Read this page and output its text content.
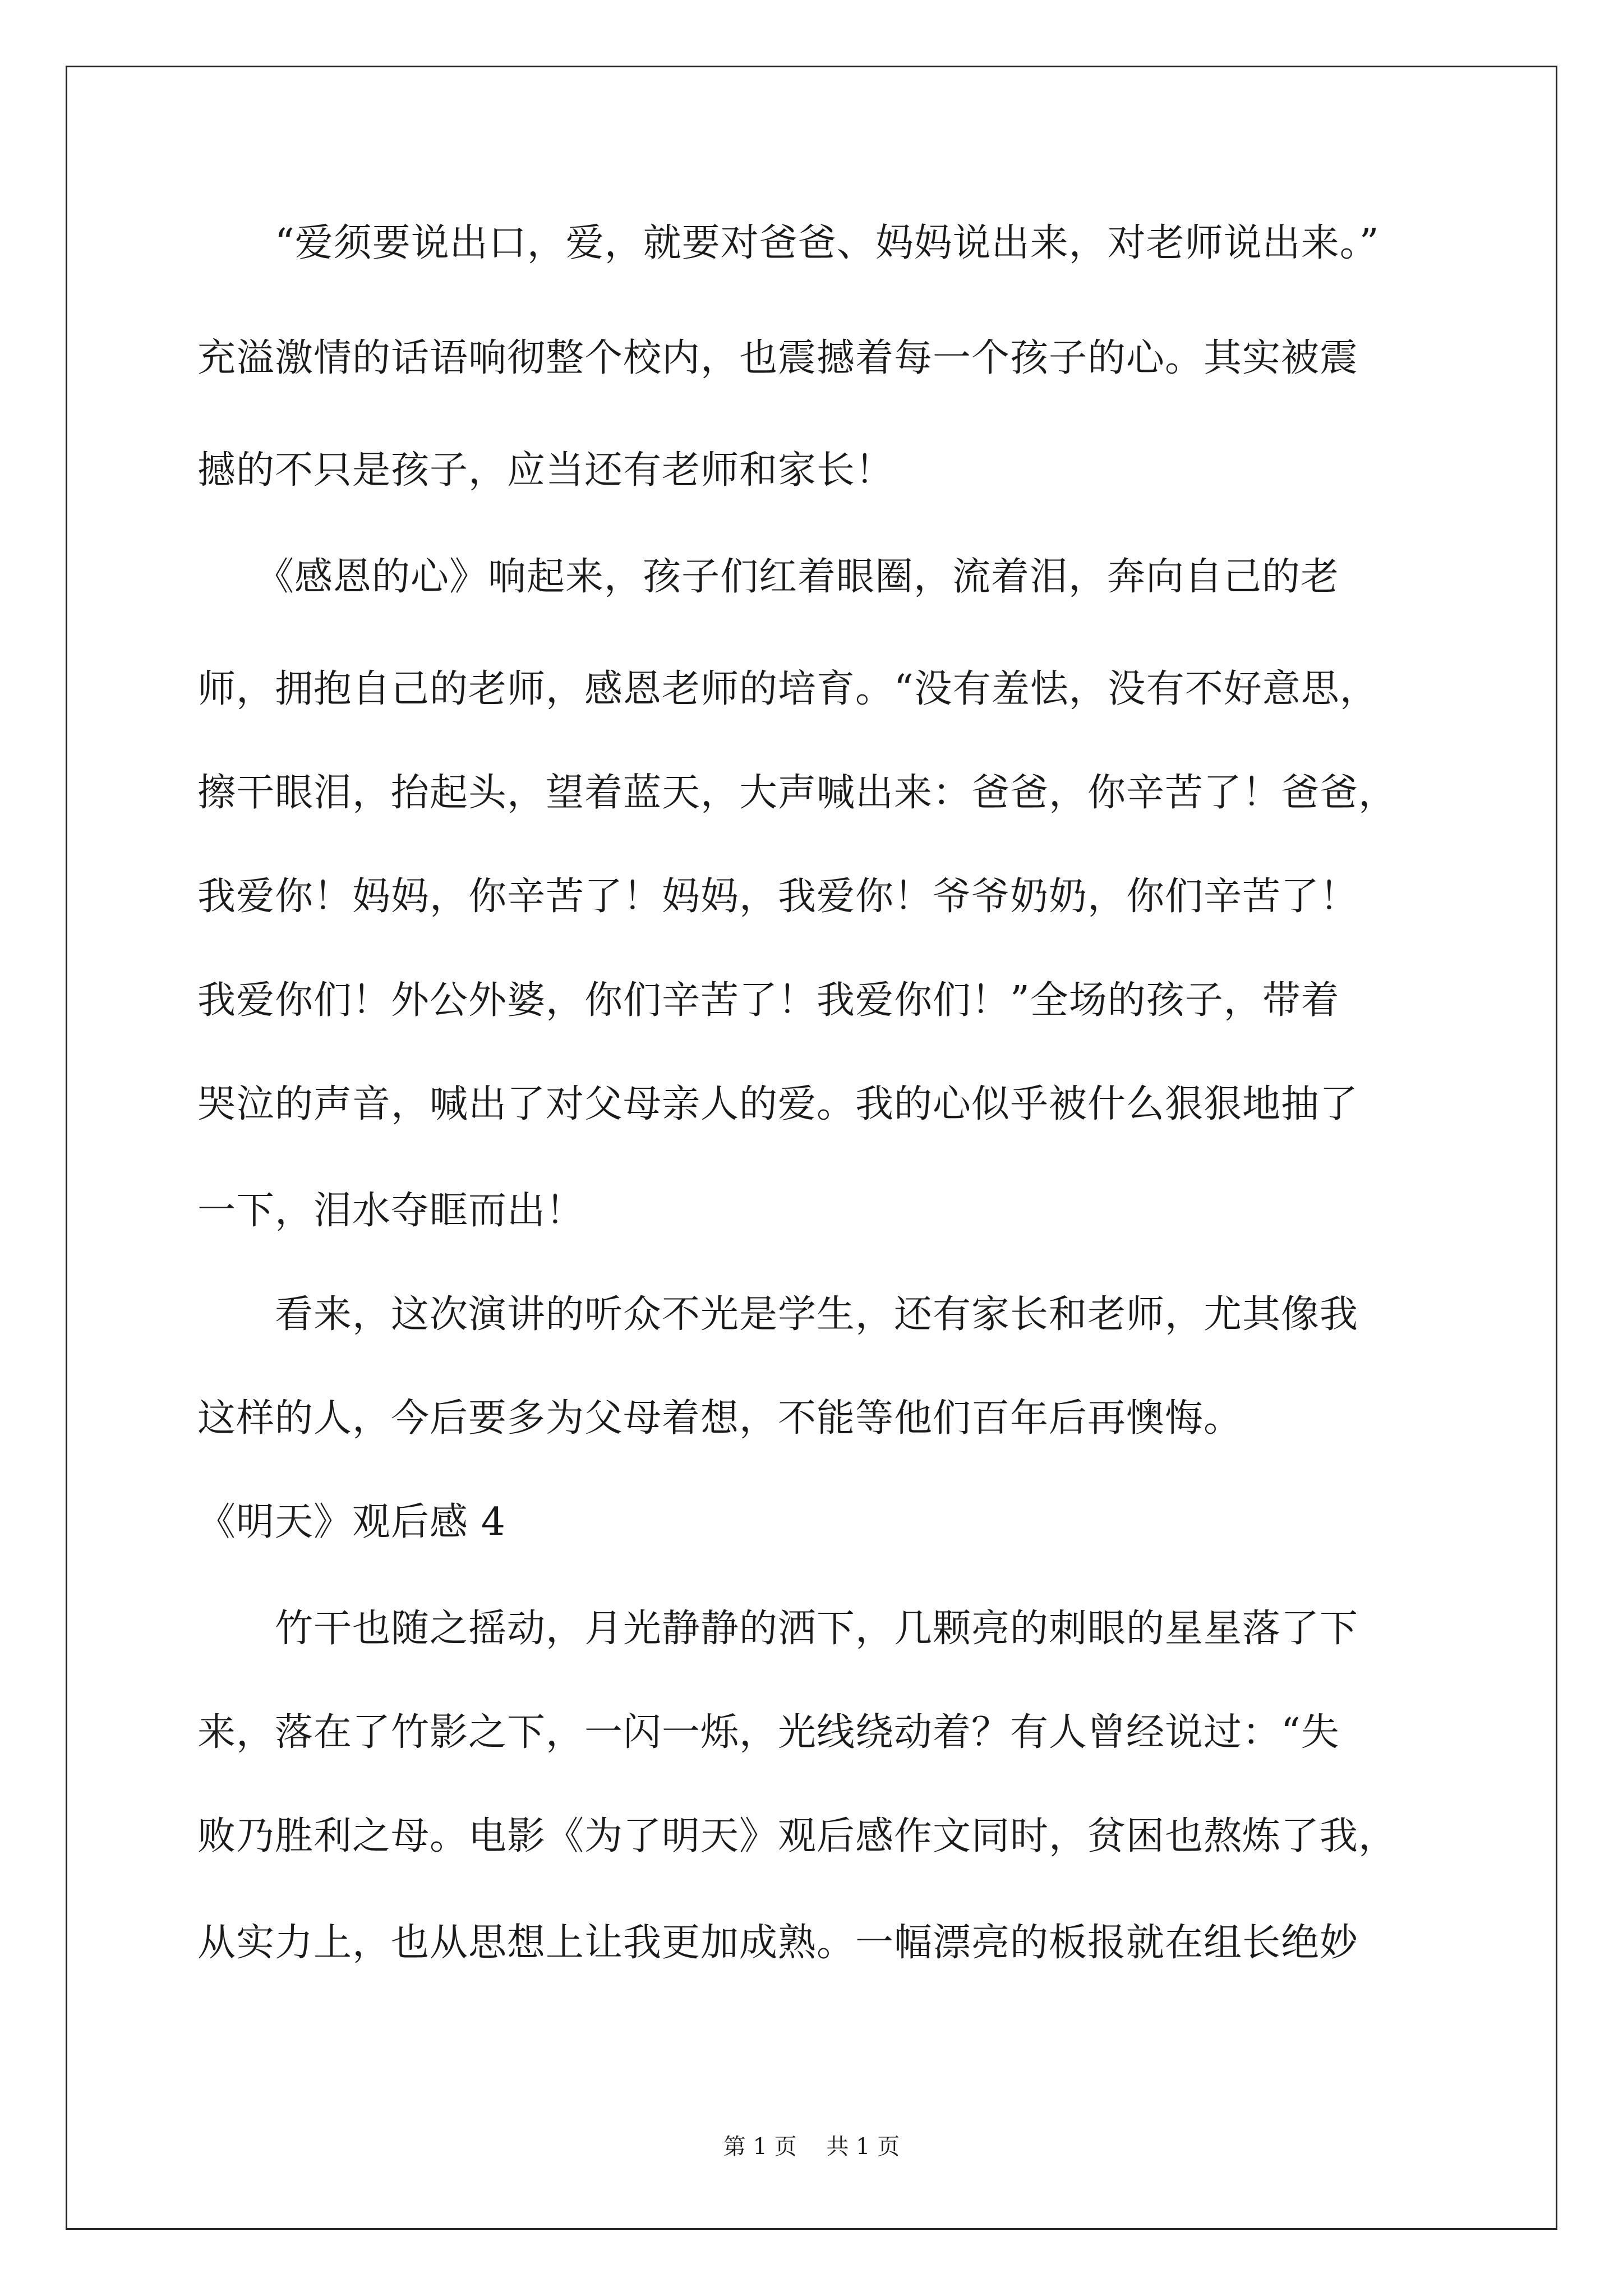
　　“爱须要说出口，爱，就要对爸爸、妈妈说出来，对老师说出来。”
充溢激情的话语响彻整个校内，也震撼着每一个孩子的心。其实被震
撼的不只是孩子，应当还有老师和家长！
　　《感恩的心》响起来，孩子们红着眼圈，流着泪，奔向自己的老
师，拥抱自己的老师，感恩老师的培育。“没有羞怯，没有不好意思，
擦干眼泪，抬起头，望着蓝天，大声喊出来：爸爸，你辛苦了！爸爸，
我爱你！妈妈，你辛苦了！妈妈，我爱你！爷爷奶奶，你们辛苦了！
我爱你们！外公外婆，你们辛苦了！我爱你们！”全场的孩子，带着
哭泣的声音，喊出了对父母亲人的爱。我的心似乎被什么狠狠地抽了
一下，泪水夺眶而出！
　　看来，这次演讲的听众不光是学生，还有家长和老师，尤其像我
这样的人，今后要多为父母着想，不能等他们百年后再懊悔。
《明天》观后感 4
　　竹干也随之摇动，月光静静的洒下，几颗亮的刺眼的星星落了下
来，落在了竹影之下，一闪一烁，光线绕动着？有人曾经说过：“失
败乃胜利之母。电影《为了明天》观后感作文同时，贫困也熬炼了我，
从实力上，也从思想上让我更加成熟。一幅漂亮的板报就在组长绝妙
第 1 页　 共 1 页
